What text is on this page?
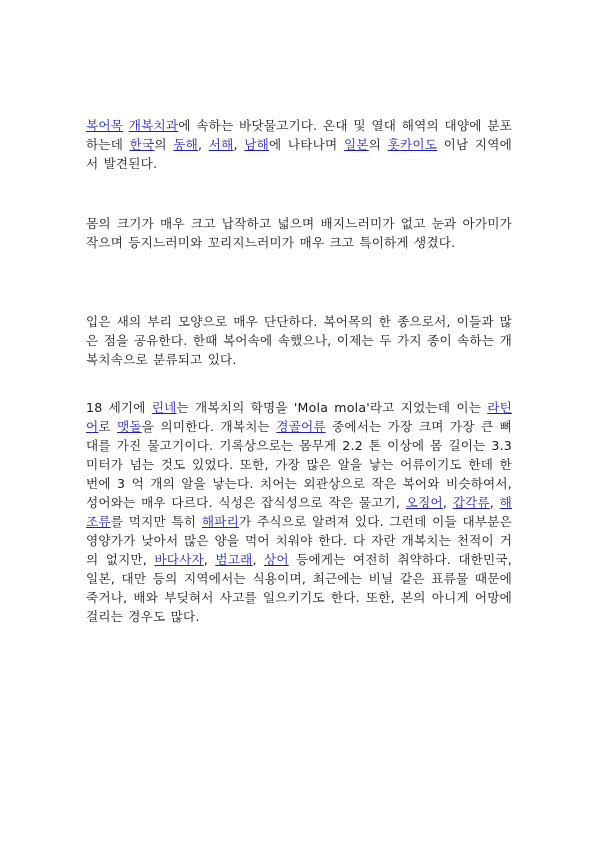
복어목 개복치과에 속하는 바닷물고기다. 온대 및 열대 해역의 대양에 분포하는데 한국의 동해, 서해, 남해에 나타나며 일본의 홋카이도 이남 지역에서 발견된다.

몸의 크기가 매우 크고 납작하고 넓으며 배지느러미가 없고 눈과 아가미가 작으며 등지느러미와 꼬리지느러미가 매우 크고 특이하게 생겼다.

입은 새의 부리 모양으로 매우 단단하다. 복어목의 한 종으로서, 이들과 많은 점을 공유한다. 한때 복어속에 속했으나, 이제는 두 가지 종이 속하는 개복치속으로 분류되고 있다.

18 세기에 린네는 개복치의 학명을 'Mola mola'라고 지었는데 이는 라틴어로 맷돌을 의미한다. 개복치는 경골어류 중에서는 가장 크며 가장 큰 뼈대를 가진 물고기이다. 기록상으로는 몸무게 2.2 톤 이상에 몸 길이는 3.3 미터가 넘는 것도 있었다. 또한, 가장 많은 알을 낳는 어류이기도 한데 한 번에 3 억 개의 알을 낳는다. 치어는 외관상으로 작은 복어와 비슷하여서, 성어와는 매우 다르다. 식성은 잡식성으로 작은 물고기, 오징어, 갑각류, 해조류를 먹지만 특히 해파리가 주식으로 알려져 있다. 그런데 이들 대부분은 영양가가 낮아서 많은 양을 먹어 치워야 한다. 다 자란 개복치는 천적이 거의 없지만, 바다사자, 범고래, 상어 등에게는 여전히 취약하다. 대한민국, 일본, 대만 등의 지역에서는 식용이며, 최근에는 비닐 같은 표류물 때문에 죽거나, 배와 부딪혀서 사고를 일으키기도 한다. 또한, 본의 아니게 어망에 걸리는 경우도 많다.
